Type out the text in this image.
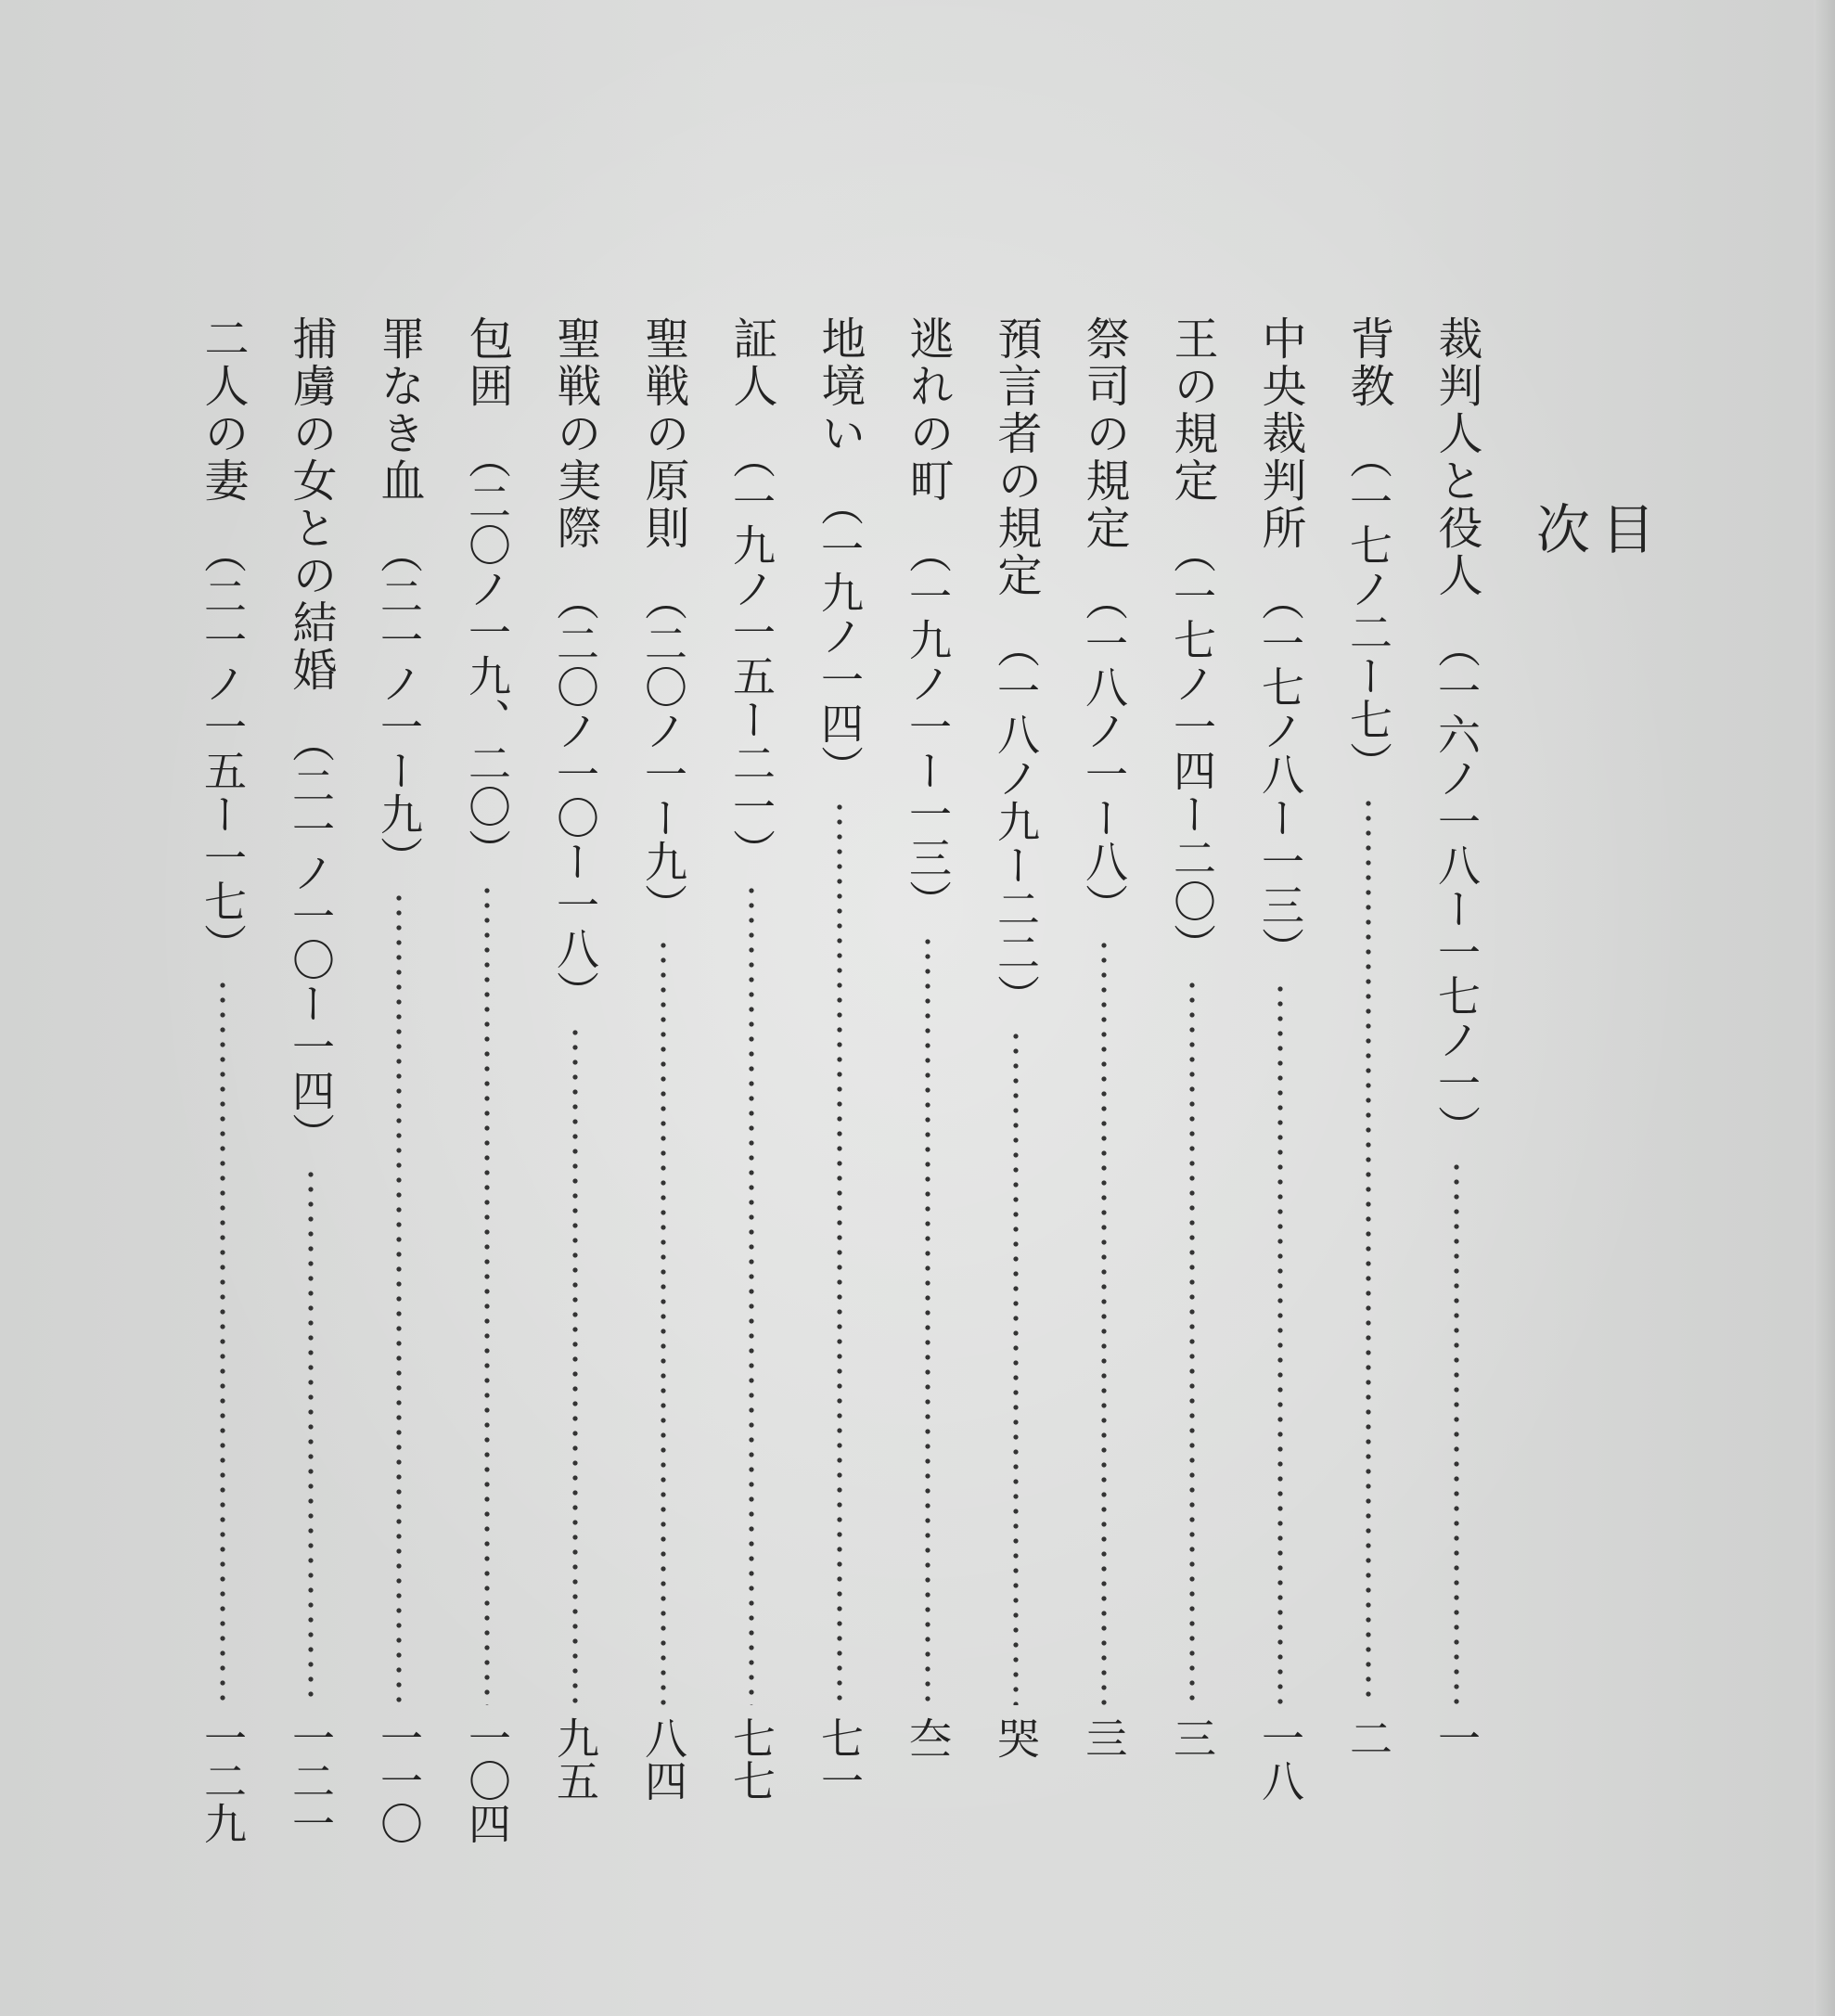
目　次
裁判人と役人
（一六ノ一八ー一七ノ一）
一
背教
（一七ノ二ー七）
二
中央裁判所
（一七ノ八ー一三）
一八
王の規定
（一七ノ一四ー二〇）
三
祭司の規定
（一八ノ一ー八）
亖
預言者の規定
（一八ノ九ー二二）
哭
逃れの町
（一九ノ一ー一三）
夳
地境い
（一九ノ一四）
七一
証人
（一九ノ一五ー二一）
七七
聖戦の原則
（二〇ノ一ー九）
八四
聖戦の実際
（二〇ノ一〇ー一八）
九五
包囲
（二〇ノ一九、二〇）
一〇四
罪なき血
（二一ノ一ー九）
一一〇
捕虜の女との結婚
（二一ノ一〇ー一四）
一二一
二人の妻
（二一ノ一五ー一七）
一二九
